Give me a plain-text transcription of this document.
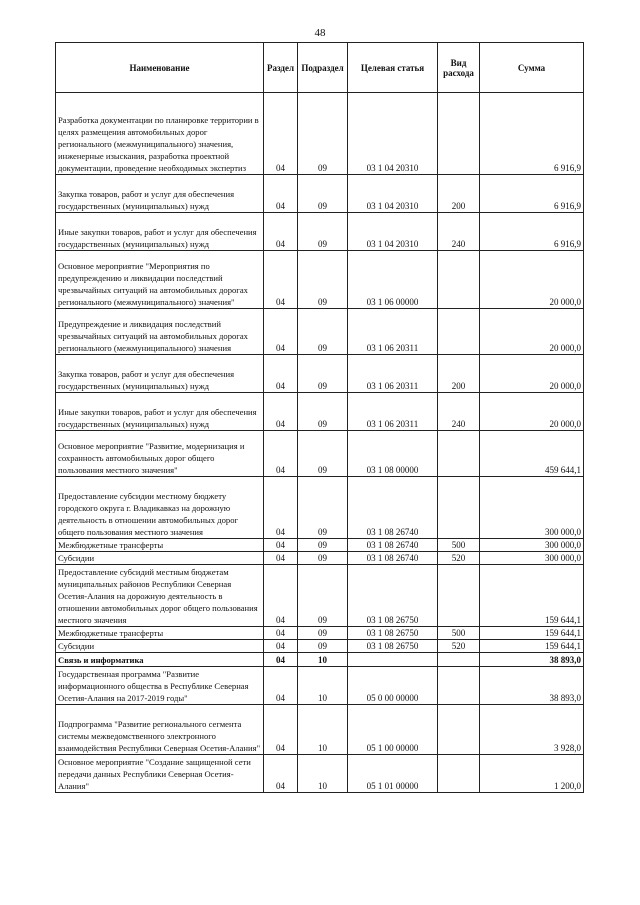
48
Наименование	Раздел	Подраздел	Целевая статья	Вид расхода	Сумма
Разработка документации по планировке территории в целях размещения автомобильных дорог регионального (межмуниципального) значения, инженерные изыскания, разработка проектной документации, проведение необходимых экспертиз	04	09	03 1 04 20310		6 916,9
Закупка товаров, работ и услуг для обеспечения государственных (муниципальных) нужд	04	09	03 1 04 20310	200	6 916,9
Иные закупки товаров, работ и услуг для обеспечения государственных (муниципальных) нужд	04	09	03 1 04 20310	240	6 916,9
Основное мероприятие "Мероприятия по предупреждению и ликвидации последствий чрезвычайных ситуаций на автомобильных дорогах регионального (межмуниципального) значения"	04	09	03 1 06 00000		20 000,0
Предупреждение и ликвидация последствий чрезвычайных ситуаций на автомобильных дорогах регионального (межмуниципального) значения	04	09	03 1 06 20311		20 000,0
Закупка товаров, работ и услуг для обеспечения государственных (муниципальных) нужд	04	09	03 1 06 20311	200	20 000,0
Иные закупки товаров, работ и услуг для обеспечения государственных (муниципальных) нужд	04	09	03 1 06 20311	240	20 000,0
Основное мероприятие "Развитие, модернизация и сохранность автомобильных дорог общего пользования местного значения"	04	09	03 1 08 00000		459 644,1
Предоставление субсидии местному бюджету городского округа г. Владикавказ на дорожную деятельность в отношении автомобильных дорог общего пользования местного значения	04	09	03 1 08 26740		300 000,0
Межбюджетные трансферты	04	09	03 1 08 26740	500	300 000,0
Субсидии	04	09	03 1 08 26740	520	300 000,0
Предоставление субсидий местным бюджетам муниципальных районов Республики Северная Осетия-Алания на дорожную деятельность в отношении автомобильных дорог общего пользования местного значения	04	09	03 1 08 26750		159 644,1
Межбюджетные трансферты	04	09	03 1 08 26750	500	159 644,1
Субсидии	04	09	03 1 08 26750	520	159 644,1
Связь и информатика	04	10			38 893,0
Государственная программа "Развитие информационного общества в Республике Северная Осетия-Алания на 2017-2019 годы"	04	10	05 0 00 00000		38 893,0
Подпрограмма "Развитие регионального сегмента системы межведомственного электронного взаимодействия Республики Северная Осетия-Алания"	04	10	05 1 00 00000		3 928,0
Основное мероприятие "Создание защищенной сети передачи данных Республики Северная Осетия-Алания"	04	10	05 1 01 00000		1 200,0
